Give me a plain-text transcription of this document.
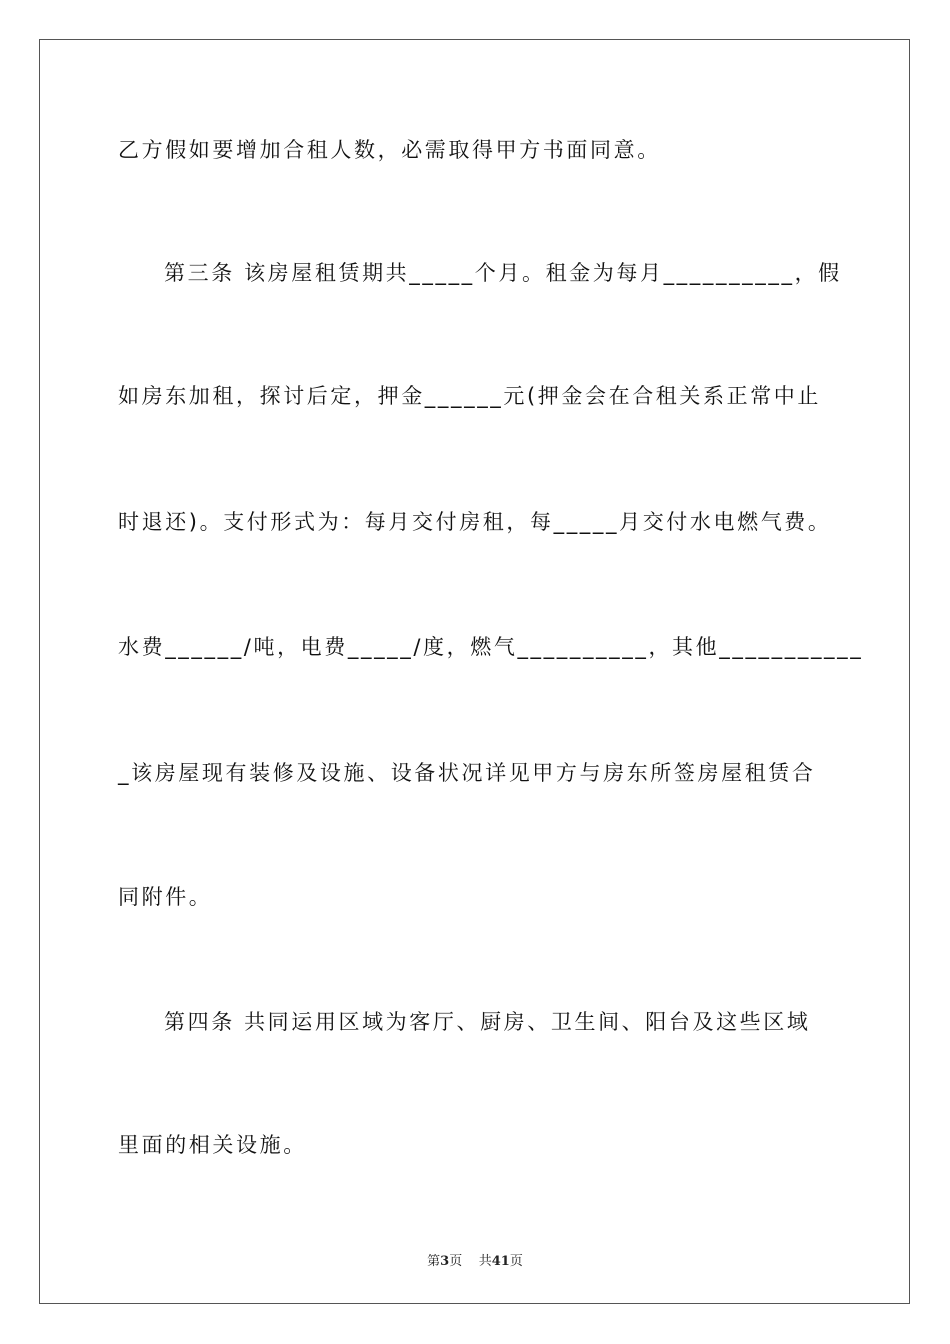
乙方假如要增加合租人数，必需取得甲方书面同意。
第三条 该房屋租赁期共_____个月。租金为每月__________，假
如房东加租，探讨后定，押金______元(押金会在合租关系正常中止
时退还)。支付形式为：每月交付房租，每_____月交付水电燃气费。
水费______/吨，电费_____/度，燃气__________，其他___________
_该房屋现有装修及设施、设备状况详见甲方与房东所签房屋租赁合
同附件。
第四条 共同运用区域为客厅、厨房、卫生间、阳台及这些区域
里面的相关设施。
第3页 共41页
